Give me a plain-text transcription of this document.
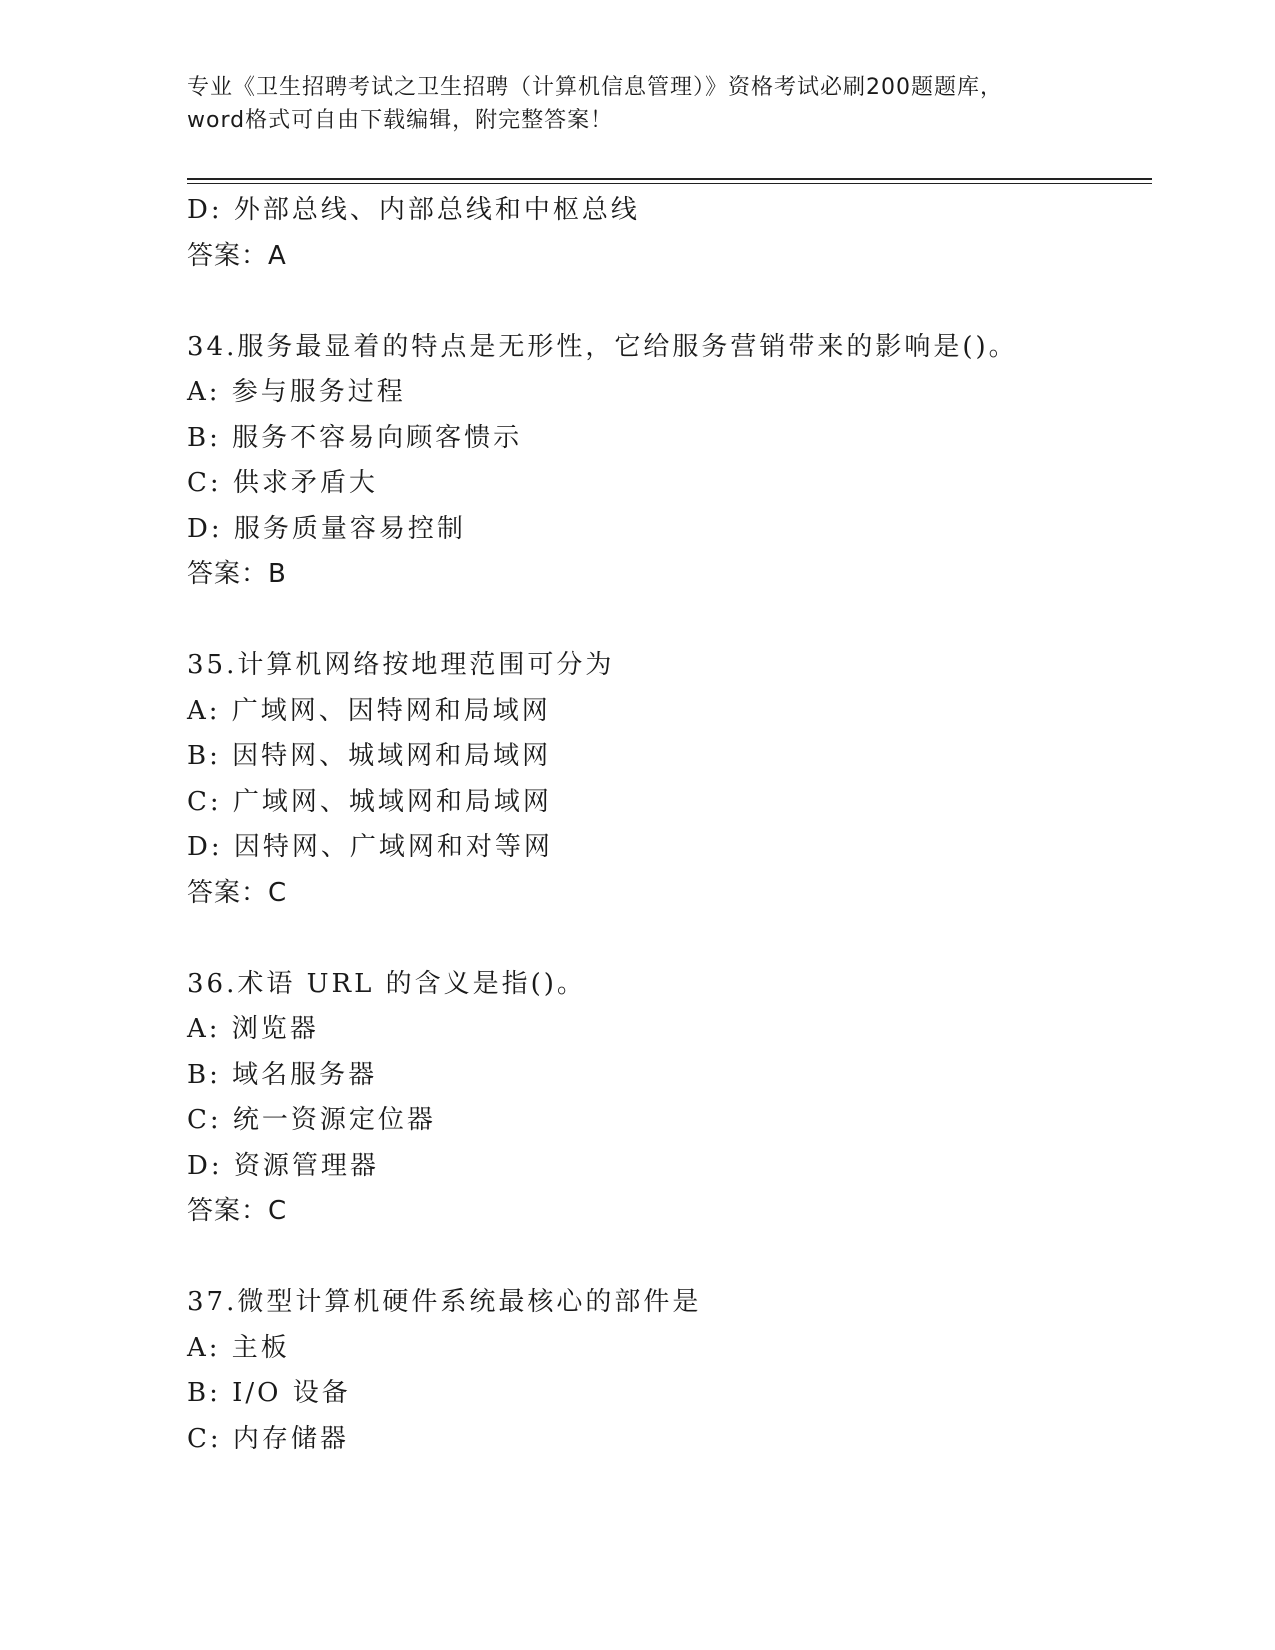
专业《卫生招聘考试之卫生招聘（计算机信息管理）》资格考试必刷200题题库，

word格式可自由下载编辑，附完整答案！

D: 外部总线、内部总线和中枢总线
答案：A
34.服务最显着的特点是无形性，它给服务营销带来的影响是()。
A: 参与服务过程
B: 服务不容易向顾客愦示
C: 供求矛盾大
D: 服务质量容易控制
答案：B
35.计算机网络按地理范围可分为
A: 广域网、因特网和局域网
B: 因特网、城域网和局域网
C: 广域网、城域网和局域网
D: 因特网、广域网和对等网
答案：C
36.术语 URL 的含义是指()。
A: 浏览器
B: 域名服务器
C: 统一资源定位器
D: 资源管理器
答案：C
37.微型计算机硬件系统最核心的部件是
A: 主板
B: I/O 设备
C: 内存储器
